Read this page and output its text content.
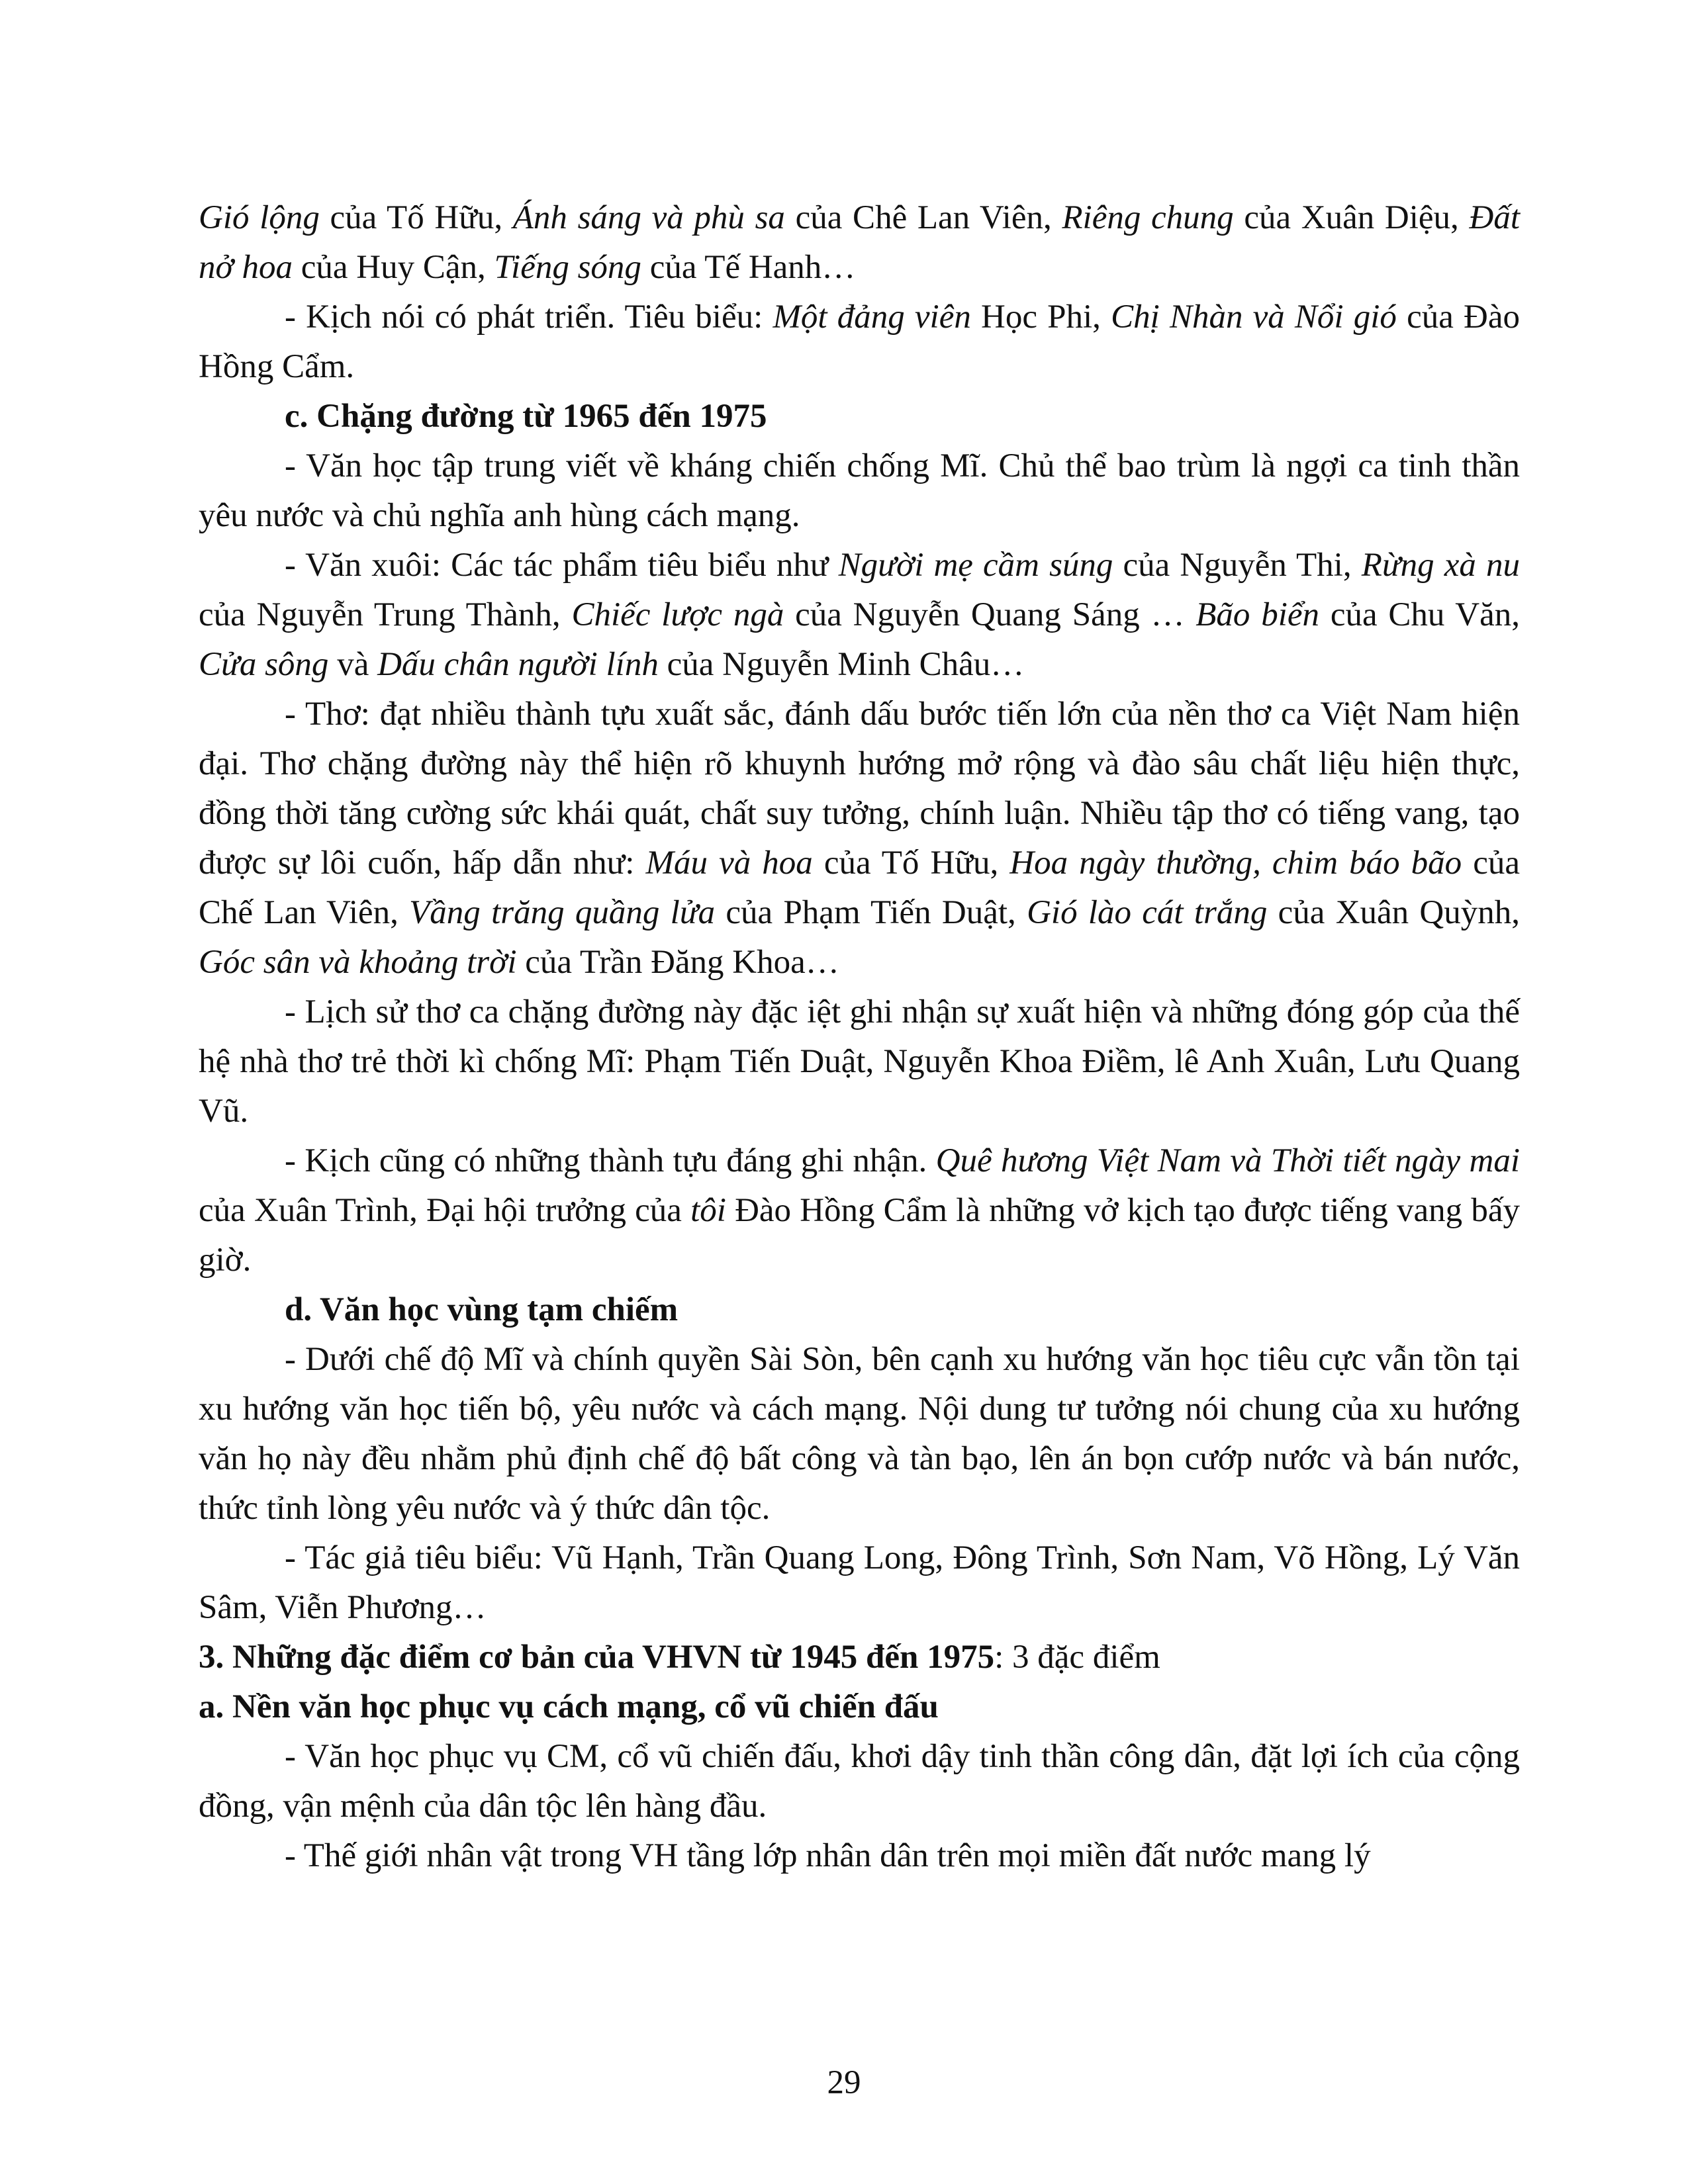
Gió lộng của Tố Hữu, Ánh sáng và phù sa của Chê Lan Viên, Riêng chung của Xuân Diệu, Đất nở hoa của Huy Cận, Tiếng sóng của Tế Hanh…

- Kịch nói có phát triển. Tiêu biểu: Một đảng viên Học Phi, Chị Nhàn và Nổi gió của Đào Hồng Cẩm.

c. Chặng đường từ 1965 đến 1975

- Văn học tập trung viết về kháng chiến chống Mĩ. Chủ thể bao trùm là ngợi ca tinh thần yêu nước và chủ nghĩa anh hùng cách mạng.

- Văn xuôi: Các tác phẩm tiêu biểu như Người mẹ cầm súng của Nguyễn Thi, Rừng xà nu của Nguyễn Trung Thành, Chiếc lược ngà của Nguyễn Quang Sáng … Bão biển của Chu Văn, Cửa sông và Dấu chân người lính của Nguyễn Minh Châu…

- Thơ: đạt nhiều thành tựu xuất sắc, đánh dấu bước tiến lớn của nền thơ ca Việt Nam hiện đại. Thơ chặng đường này thể hiện rõ khuynh hướng mở rộng và đào sâu chất liệu hiện thực, đồng thời tăng cường sức khái quát, chất suy tưởng, chính luận. Nhiều tập thơ có tiếng vang, tạo được sự lôi cuốn, hấp dẫn như: Máu và hoa của Tố Hữu, Hoa ngày thường, chim báo bão của Chế Lan Viên, Vầng trăng quầng lửa của Phạm Tiến Duật, Gió lào cát trắng của Xuân Quỳnh, Góc sân và khoảng trời của Trần Đăng Khoa…

- Lịch sử thơ ca chặng đường này đặc iệt ghi nhận sự xuất hiện và những đóng góp của thế hệ nhà thơ trẻ thời kì chống Mĩ: Phạm Tiến Duật, Nguyễn Khoa Điềm, lê Anh Xuân, Lưu Quang Vũ.

- Kịch cũng có những thành tựu đáng ghi nhận. Quê hương Việt Nam và Thời tiết ngày mai của Xuân Trình, Đại hội trưởng của tôi Đào Hồng Cẩm là những vở kịch tạo được tiếng vang bấy giờ.

d. Văn học vùng tạm chiếm

- Dưới chế độ Mĩ và chính quyền Sài Sòn, bên cạnh xu hướng văn học tiêu cực vẫn tồn tại xu hướng văn học tiến bộ, yêu nước và cách mạng. Nội dung tư tưởng nói chung của xu hướng văn họ này đều nhằm phủ định chế độ bất công và tàn bạo, lên án bọn cướp nước và bán nước, thức tỉnh lòng yêu nước và ý thức dân tộc.

- Tác giả tiêu biểu: Vũ Hạnh, Trần Quang Long, Đông Trình, Sơn Nam, Võ Hồng, Lý Văn Sâm, Viễn Phương…

3. Những đặc điểm cơ bản của VHVN từ 1945 đến 1975: 3 đặc điểm

a. Nền văn học phục vụ cách mạng, cổ vũ chiến đấu

- Văn học phục vụ CM, cổ vũ chiến đấu, khơi dậy tinh thần công dân, đặt lợi ích của cộng đồng, vận mệnh của dân tộc lên hàng đầu.

- Thế giới nhân vật trong VH tầng lớp nhân dân trên mọi miền đất nước mang lý

29
